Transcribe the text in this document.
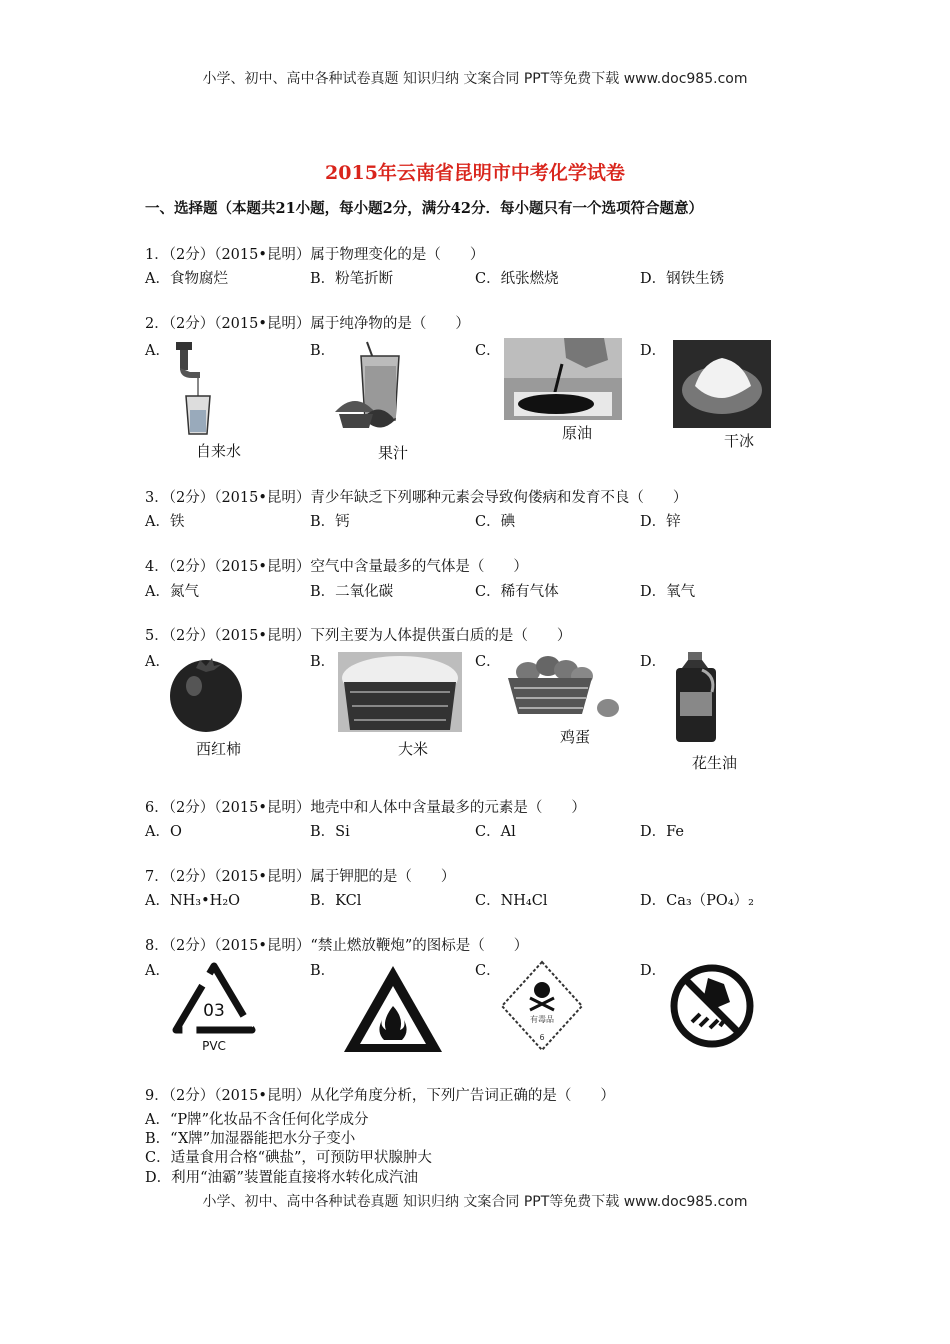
小学、初中、高中各种试卷真题 知识归纳 文案合同 PPT等免费下载 www.doc985.com
2015年云南省昆明市中考化学试卷
一、选择题（本题共21小题，每小题2分，满分42分．每小题只有一个选项符合题意）
1．（2分）（2015•昆明）属于物理变化的是（　　）
A．食物腐烂	B．粉笔折断	C．纸张燃烧	D．钢铁生锈
2．（2分）（2015•昆明）属于纯净物的是（　　）
A．	B．	C．	D．
自来水	果汁
原油	干冰
3．（2分）（2015•昆明）青少年缺乏下列哪种元素会导致佝偻病和发育不良（　　）
A．铁	B．钙	C．碘	D．锌
4．（2分）（2015•昆明）空气中含量最多的气体是（　　）
A．氮气	B．二氧化碳	C．稀有气体	D．氧气
5．（2分）（2015•昆明）下列主要为人体提供蛋白质的是（　　）
A．	B．	C．	D．
西红柿	大米
鸡蛋
花生油
6．（2分）（2015•昆明）地壳中和人体中含量最多的元素是（　　）
A．O	B．Si	C．Al	D．Fe
7．（2分）（2015•昆明）属于钾肥的是（　　）
A．NH₃•H₂O	B．KCl	C．NH₄Cl	D．Ca₃（PO₄）₂
8．（2分）（2015•昆明）“禁止燃放鞭炮”的图标是（　　）
A．	B．	C．	D．
03
PVC
有毒品
6
9．（2分）（2015•昆明）从化学角度分析，下列广告词正确的是（　　）
A．“P牌”化妆品不含任何化学成分
B．“X牌”加湿器能把水分子变小
C．适量食用合格“碘盐”，可预防甲状腺肿大
D．利用“油霸”装置能直接将水转化成汽油
小学、初中、高中各种试卷真题 知识归纳 文案合同 PPT等免费下载 www.doc985.com
